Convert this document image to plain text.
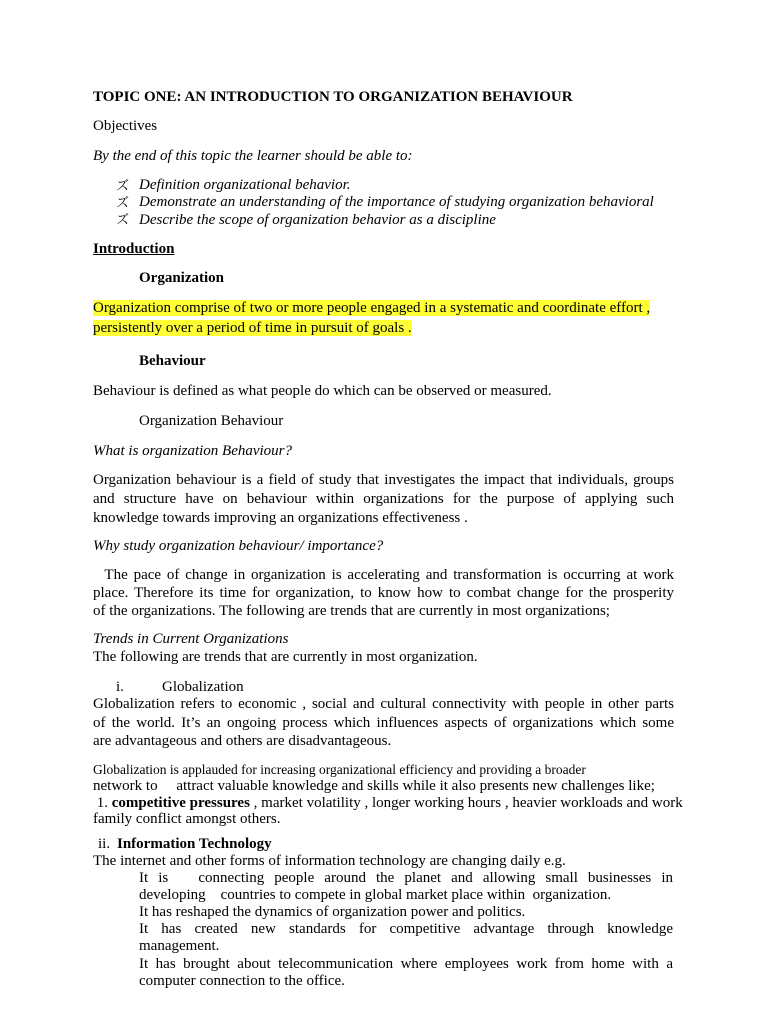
TOPIC ONE: AN INTRODUCTION TO ORGANIZATION BEHAVIOUR
Objectives
By the end of this topic the learner should be able to:
ズ Definition organizational behavior.
ズ Demonstrate an understanding of the importance of studying organization behavioral
ズ Describe the scope of organization behavior as a discipline
Introduction
Organization
Organization comprise of two or more people engaged in a systematic and coordinate effort ,
persistently over a period of time in pursuit of goals .
Behaviour
Behaviour is defined as what people do which can be observed or measured.
Organization Behaviour
What is organization Behaviour?
Organization behaviour is a field of study that investigates the impact that individuals, groups
and structure have on behaviour within organizations for the purpose of applying such
knowledge towards improving an organizations effectiveness .
Why study organization behaviour/ importance?
The pace of change in organization is accelerating and transformation is occurring at work
place. Therefore its time for organization, to know how to combat change for the prosperity
of the organizations. The following are trends that are currently in most organizations;
Trends in Current Organizations
The following are trends that are currently in most organization.
i.	Globalization
Globalization refers to economic , social and cultural connectivity with people in other parts
of the world. It’s an ongoing process which influences aspects of organizations which some
are advantageous and others are disadvantageous.
Globalization is applauded for increasing organizational efficiency and providing a broader
network to     attract valuable knowledge and skills while it also presents new challenges like;
1. competitive pressures , market volatility , longer working hours , heavier workloads and work
family conflict amongst others.
ii. Information Technology
The internet and other forms of information technology are changing daily e.g.
It is   connecting people around the planet and allowing small businesses in
developing    countries to compete in global market place within  organization.
It has reshaped the dynamics of organization power and politics.
It has created new standards for competitive advantage through knowledge
management.
It has brought about telecommunication where employees work from home with a
computer connection to the office.
